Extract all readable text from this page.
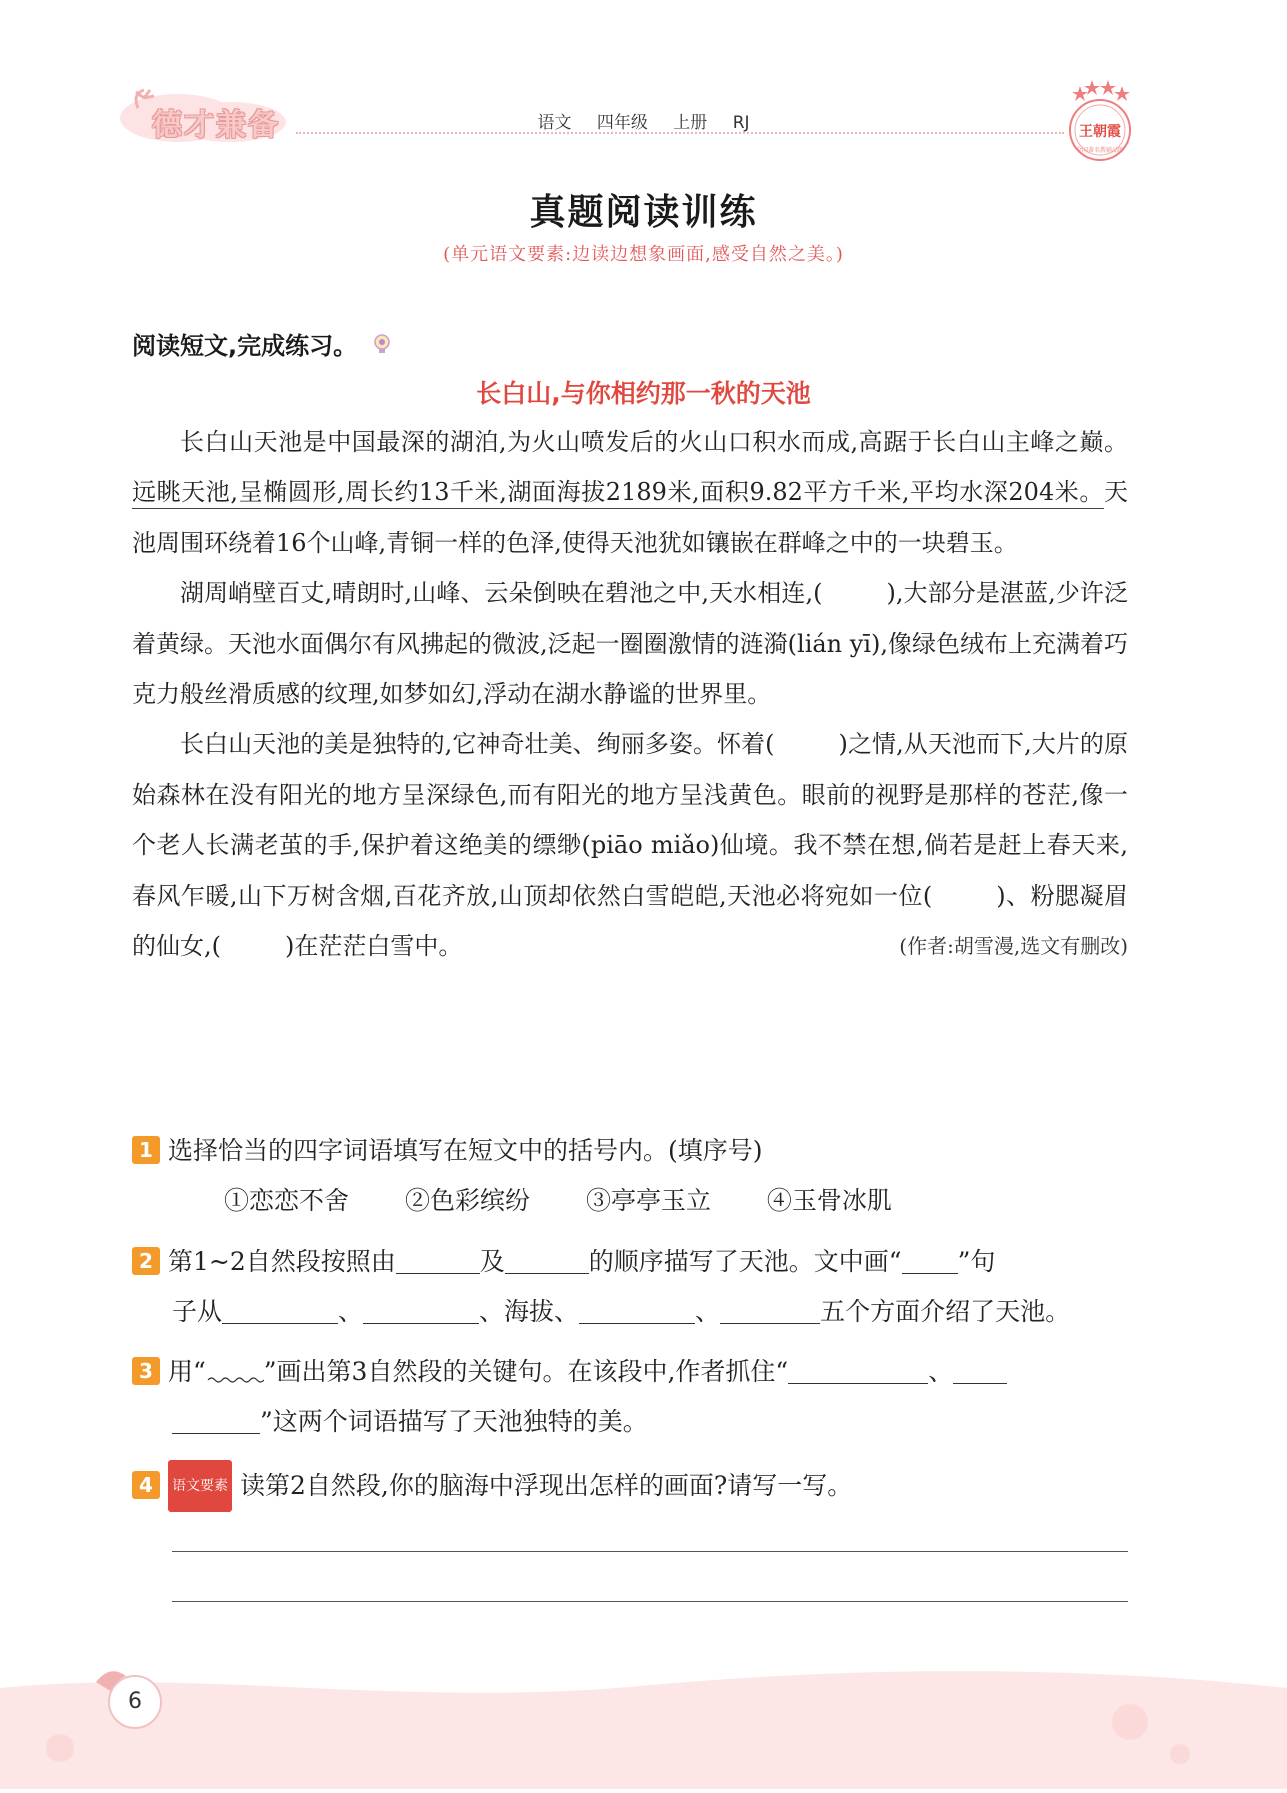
德才兼备	语文 四年级 上册 RJ	王朝霞
全国著名教辅品牌
真题阅读训练
(单元语文要素:边读边想象画面,感受自然之美。)
阅读短文,完成练习。
长白山,与你相约那一秋的天池

长白山天池是中国最深的湖泊,为火山喷发后的火山口积水而成,高踞于长白山主峰之巅。远眺天池,呈椭圆形,周长约13千米,湖面海拔2189米,面积9.82平方千米,平均水深204米。天池周围环绕着16个山峰,青铜一样的色泽,使得天池犹如镶嵌在群峰之中的一块碧玉。

湖周峭壁百丈,晴朗时,山峰、云朵倒映在碧池之中,天水相连,(	),大部分是湛蓝,少许泛着黄绿。天池水面偶尔有风拂起的微波,泛起一圈圈激情的涟漪(lián yī),像绿色绒布上充满着巧克力般丝滑质感的纹理,如梦如幻,浮动在湖水静谧的世界里。

长白山天池的美是独特的,它神奇壮美、绚丽多姿。怀着(	)之情,从天池而下,大片的原始森林在没有阳光的地方呈深绿色,而有阳光的地方呈浅黄色。眼前的视野是那样的苍茫,像一个老人长满老茧的手,保护着这绝美的缥缈(piāo miǎo)仙境。我不禁在想,倘若是赶上春天来,春风乍暖,山下万树含烟,百花齐放,山顶却依然白雪皑皑,天池必将宛如一位(	)、粉腮凝眉的仙女,(	)在茫茫白雪中。	(作者:胡雪漫,选文有删改)

1 选择恰当的四字词语填写在短文中的括号内。(填序号)
①恋恋不舍 ②色彩缤纷 ③亭亭玉立 ④玉骨冰肌
2 第1~2自然段按照由	及	的顺序描写了天池。文中画“ ”句
子从	、	、海拔、	、	五个方面介绍了天池。
3 用“ ”画出第3自然段的关键句。在该段中,作者抓住“	、
”这两个词语描写了天池独特的美。
4 语文要素 读第2自然段,你的脑海中浮现出怎样的画面?请写一写。
6
